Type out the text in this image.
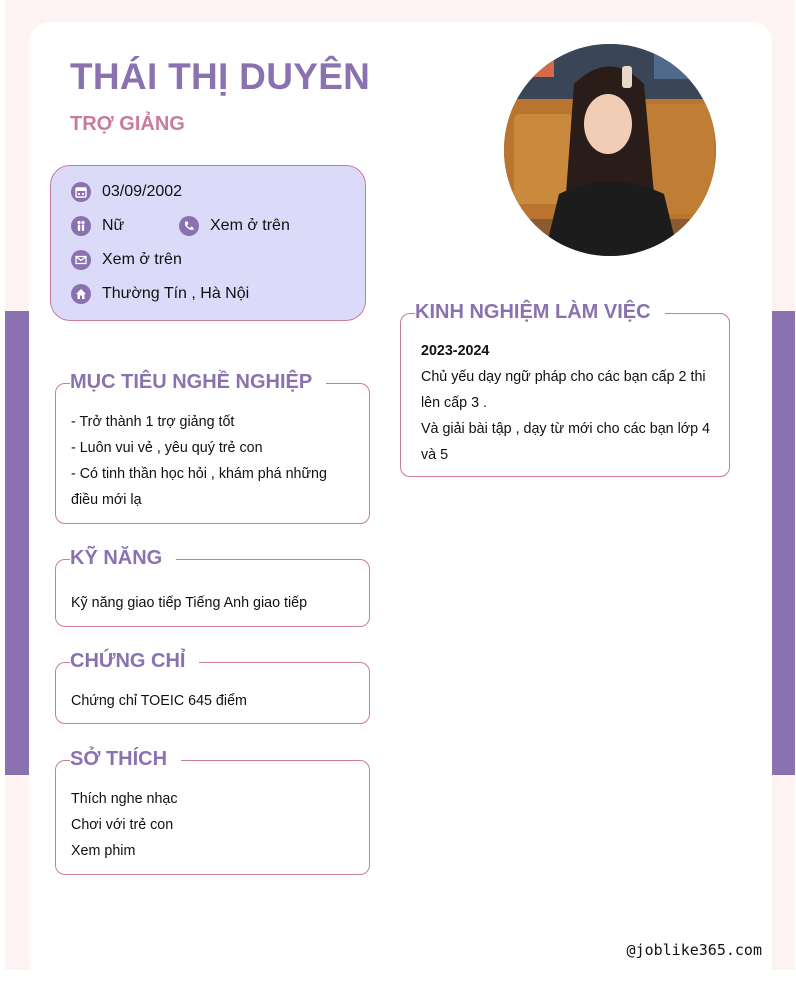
THÁI THỊ DUYÊN
TRỢ GIẢNG
03/09/2002
Nữ	Xem ở trên
Xem ở trên
Thường Tín , Hà Nội
MỤC TIÊU NGHỀ NGHIỆP

- Trở thành 1 trợ giảng tốt

- Luôn vui vẻ , yêu quý trẻ con

- Có tinh thần học hỏi , khám phá những điều mới lạ

KỸ NĂNG

Kỹ năng giao tiếp Tiếng Anh giao tiếp

CHỨNG CHỈ

Chứng chỉ TOEIC 645 điểm

SỞ THÍCH

Thích nghe nhạc

Chơi với trẻ con

Xem phim

KINH NGHIỆM LÀM VIỆC

2023-2024

Chủ yếu dạy ngữ pháp cho các bạn cấp 2 thi lên cấp 3 .

Và giải bài tập , dạy từ mới cho các bạn lớp 4 và 5

@joblike365.com
